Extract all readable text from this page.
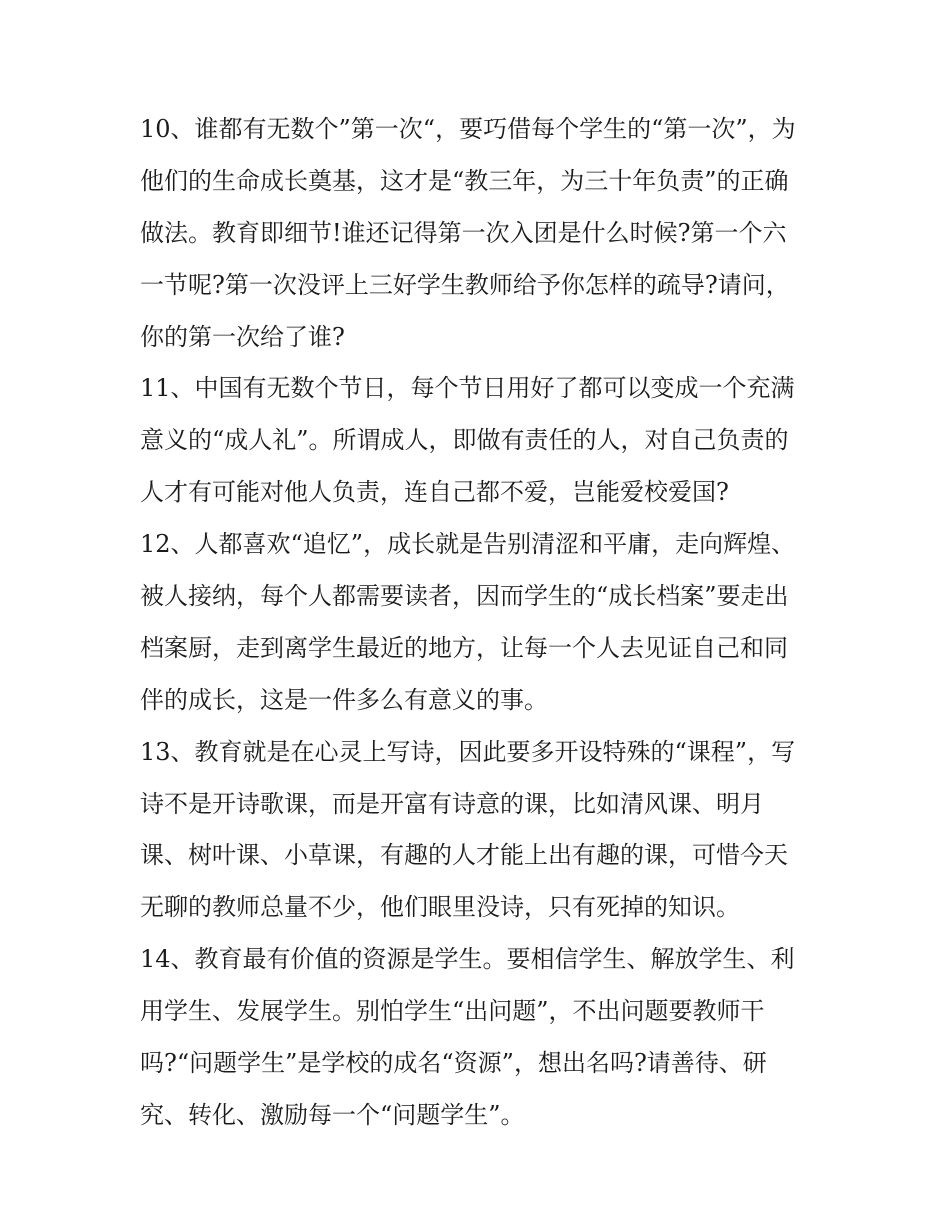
10、谁都有无数个”第一次“，要巧借每个学生的“第一次”，为
他们的生命成长奠基，这才是“教三年，为三十年负责”的正确
做法。教育即细节!谁还记得第一次入团是什么时候?第一个六
一节呢?第一次没评上三好学生教师给予你怎样的疏导?请问，
你的第一次给了谁?
11、中国有无数个节日，每个节日用好了都可以变成一个充满
意义的“成人礼”。所谓成人，即做有责任的人，对自己负责的
人才有可能对他人负责，连自己都不爱，岂能爱校爱国?
12、人都喜欢“追忆”，成长就是告别清涩和平庸，走向辉煌、
被人接纳，每个人都需要读者，因而学生的“成长档案”要走出
档案厨，走到离学生最近的地方，让每一个人去见证自己和同
伴的成长，这是一件多么有意义的事。
13、教育就是在心灵上写诗，因此要多开设特殊的“课程”，写
诗不是开诗歌课，而是开富有诗意的课，比如清风课、明月
课、树叶课、小草课，有趣的人才能上出有趣的课，可惜今天
无聊的教师总量不少，他们眼里没诗，只有死掉的知识。
14、教育最有价值的资源是学生。要相信学生、解放学生、利
用学生、发展学生。别怕学生“出问题”，不出问题要教师干
吗?“问题学生”是学校的成名“资源”，想出名吗?请善待、研
究、转化、激励每一个“问题学生”。
